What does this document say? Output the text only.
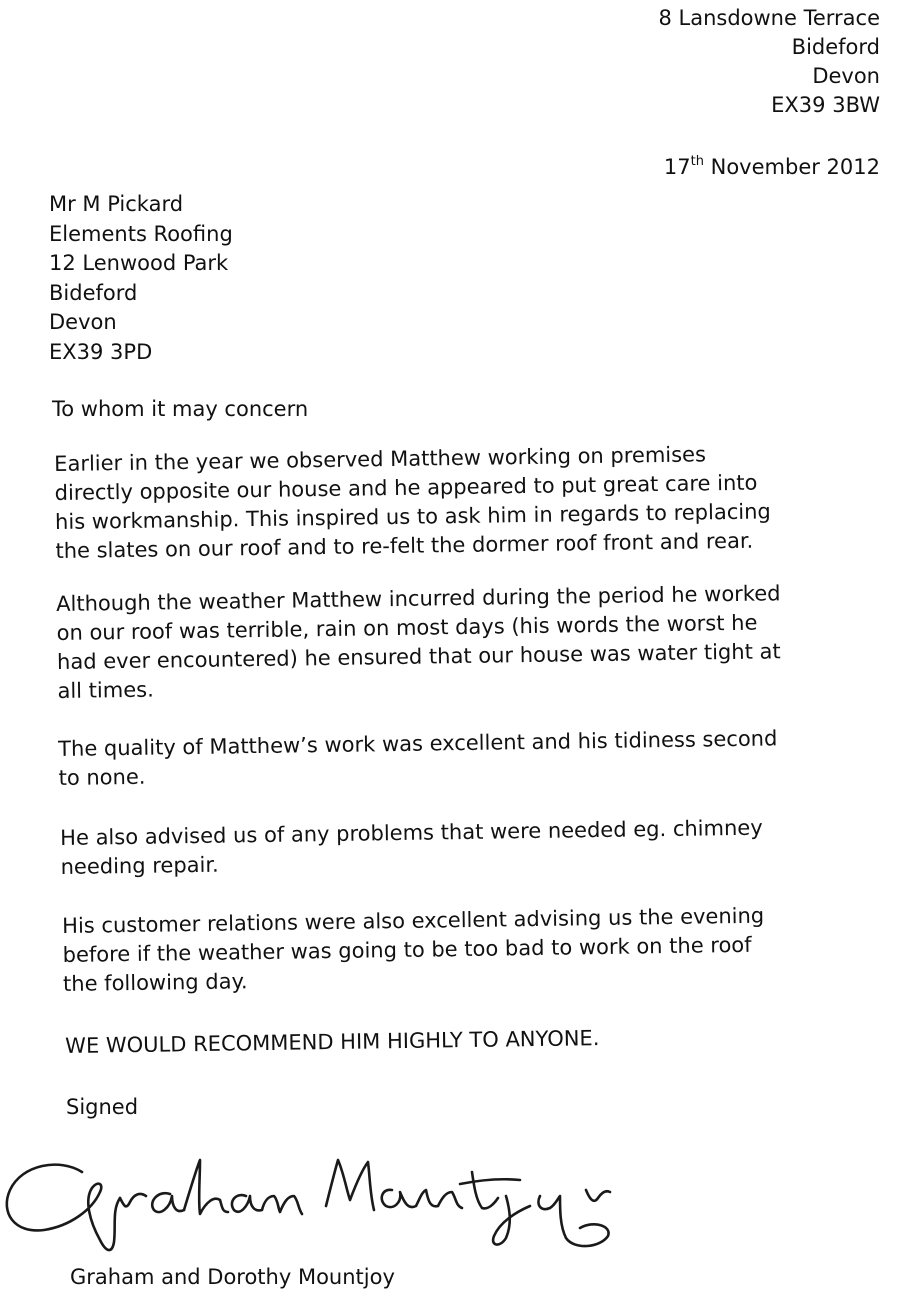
8 Lansdowne Terrace
Bideford
Devon
EX39 3BW
17th November 2012
Mr M Pickard
Elements Roofing
12 Lenwood Park
Bideford
Devon
EX39 3PD
To whom it may concern
Earlier in the year we observed Matthew working on premises
directly opposite our house and he appeared to put great care into
his workmanship. This inspired us to ask him in regards to replacing
the slates on our roof and to re-felt the dormer roof front and rear.
Although the weather Matthew incurred during the period he worked
on our roof was terrible, rain on most days (his words the worst he
had ever encountered) he ensured that our house was water tight at
all times.
The quality of Matthew’s work was excellent and his tidiness second
to none.
He also advised us of any problems that were needed eg. chimney
needing repair.
His customer relations were also excellent advising us the evening
before if the weather was going to be too bad to work on the roof
the following day.
WE WOULD RECOMMEND HIM HIGHLY TO ANYONE.
Signed
Graham and Dorothy Mountjoy
